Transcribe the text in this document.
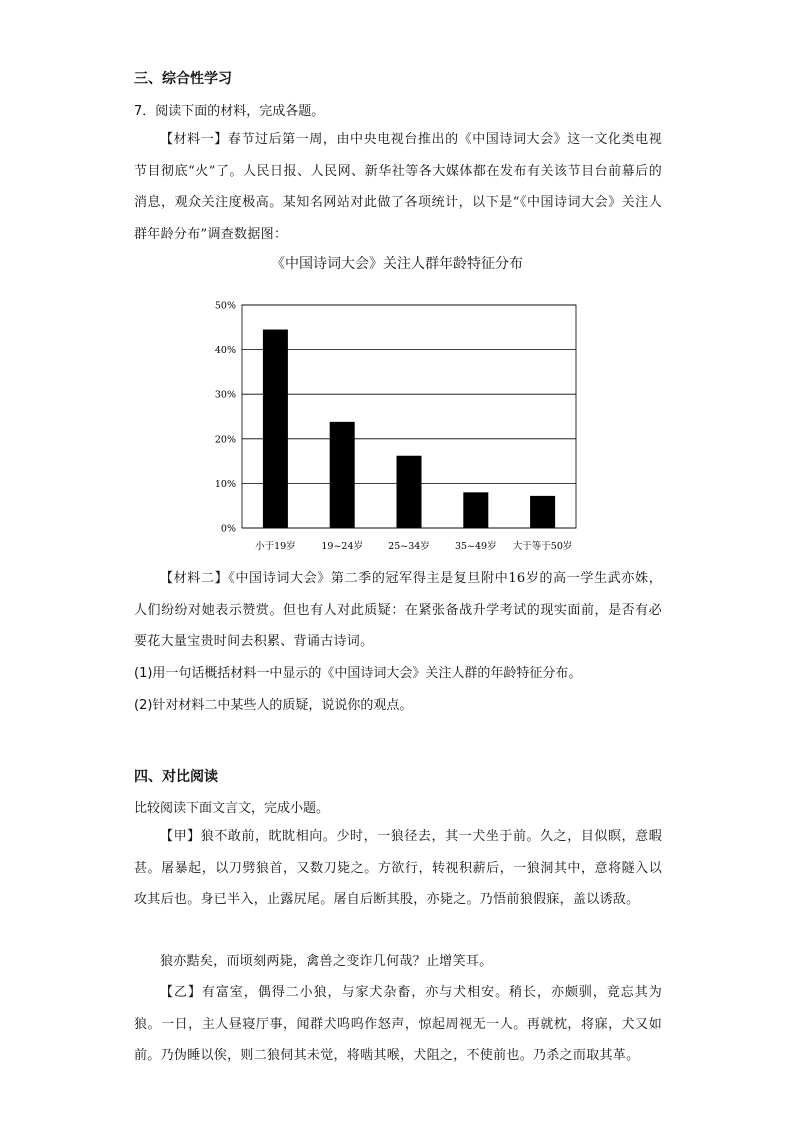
三、综合性学习
7．阅读下面的材料，完成各题。
【材料一】春节过后第一周，由中央电视台推出的《中国诗词大会》这一文化类电视节目彻底“火”了。人民日报、人民网、新华社等各大媒体都在发布有关该节目台前幕后的消息，观众关注度极高。某知名网站对此做了各项统计，以下是“《中国诗词大会》关注人群年龄分布”调查数据图：
《中国诗词大会》关注人群年龄特征分布
0%
10%
20%
30%
40%
50%
小于19岁	19~24岁	25~34岁	35~49岁 大于等于50岁
【材料二】《中国诗词大会》第二季的冠军得主是复旦附中16岁的高一学生武亦姝，人们纷纷对她表示赞赏。但也有人对此质疑：在紧张备战升学考试的现实面前，是否有必要花大量宝贵时间去积累、背诵古诗词。
(1)用一句话概括材料一中显示的《中国诗词大会》关注人群的年龄特征分布。
(2)针对材料二中某些人的质疑，说说你的观点。
四、对比阅读
比较阅读下面文言文，完成小题。
【甲】狼不敢前，眈眈相向。少时，一狼径去，其一犬坐于前。久之，目似瞑，意暇甚。屠暴起，以刀劈狼首，又数刀毙之。方欲行，转视积薪后，一狼洞其中，意将隧入以攻其后也。身已半入，止露尻尾。屠自后断其股，亦毙之。乃悟前狼假寐，盖以诱敌。
狼亦黠矣，而顷刻两毙，禽兽之变诈几何哉？止增笑耳。
【乙】有富室，偶得二小狼，与家犬杂畜，亦与犬相安。稍长，亦颇驯，竟忘其为狼。一日，主人昼寝厅事，闻群犬呜呜作怒声，惊起周视无一人。再就枕，将寐，犬又如前。乃伪睡以俟，则二狼伺其未觉，将啮其喉，犬阻之，不使前也。乃杀之而取其革。
